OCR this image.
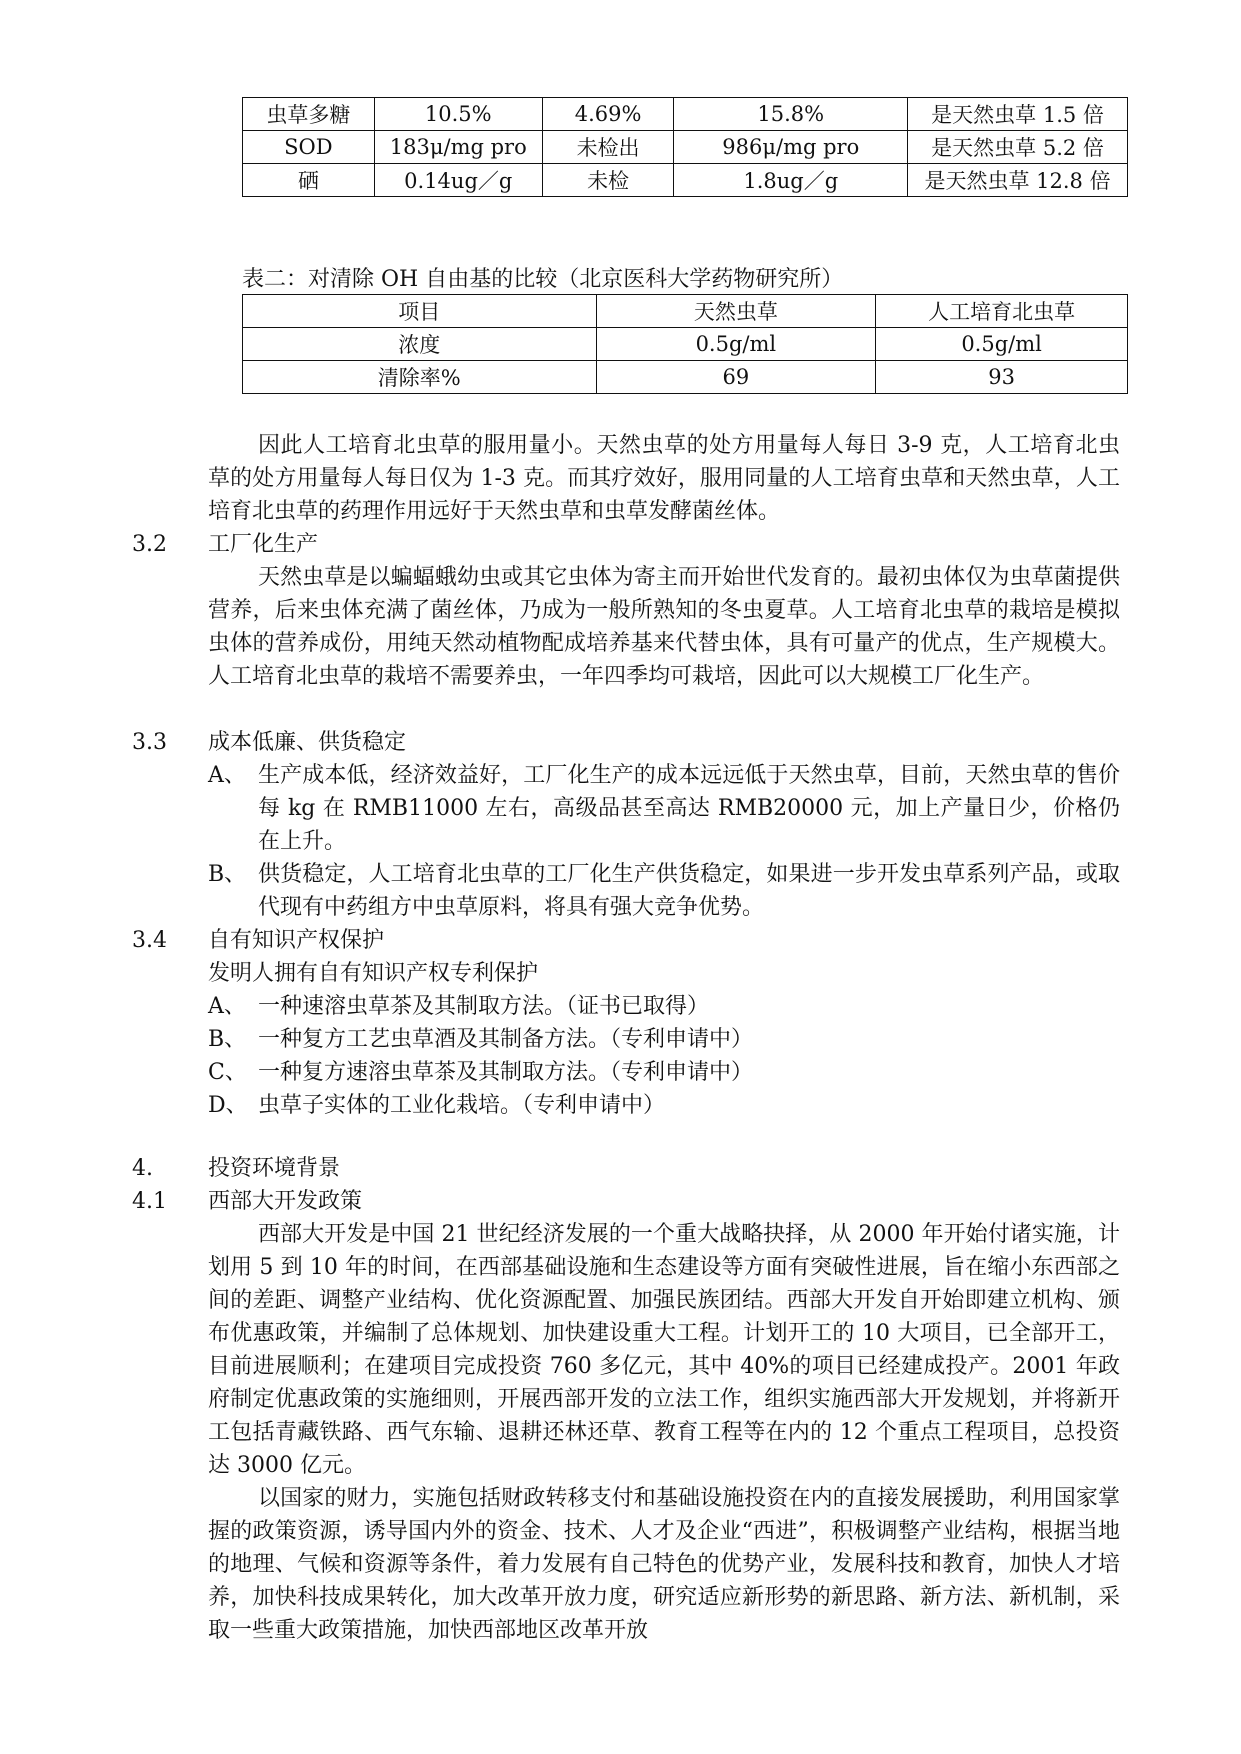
虫草多糖	10.5%	4.69%	15.8%	是天然虫草 1.5 倍
SOD	183μ/mg pro	未检出	986μ/mg pro	是天然虫草 5.2 倍
硒	0.14ug／g	未检	1.8ug／g	是天然虫草 12.8 倍
表二：对清除 OH 自由基的比较（北京医科大学药物研究所）
项目	天然虫草	人工培育北虫草
浓度	0.5g/ml	0.5g/ml
清除率%	69	93
因此人工培育北虫草的服用量小。天然虫草的处方用量每人每日 3-9 克，人工培育北虫草的处方用量每人每日仅为 1-3 克。而其疗效好，服用同量的人工培育虫草和天然虫草，人工培育北虫草的药理作用远好于天然虫草和虫草发酵菌丝体。
3.2 工厂化生产
天然虫草是以蝙蝠蛾幼虫或其它虫体为寄主而开始世代发育的。最初虫体仅为虫草菌提供营养，后来虫体充满了菌丝体，乃成为一般所熟知的冬虫夏草。人工培育北虫草的栽培是模拟虫体的营养成份，用纯天然动植物配成培养基来代替虫体，具有可量产的优点，生产规模大。人工培育北虫草的栽培不需要养虫，一年四季均可栽培，因此可以大规模工厂化生产。
3.3 成本低廉、供货稳定
A、 生产成本低，经济效益好，工厂化生产的成本远远低于天然虫草，目前，天然虫草的售价每 kg 在 RMB11000 左右，高级品甚至高达 RMB20000 元，加上产量日少，价格仍在上升。
B、 供货稳定，人工培育北虫草的工厂化生产供货稳定，如果进一步开发虫草系列产品，或取代现有中药组方中虫草原料，将具有强大竞争优势。
3.4 自有知识产权保护
发明人拥有自有知识产权专利保护
A、 一种速溶虫草茶及其制取方法。（证书已取得）
B、 一种复方工艺虫草酒及其制备方法。（专利申请中）
C、 一种复方速溶虫草茶及其制取方法。（专利申请中）
D、 虫草子实体的工业化栽培。（专利申请中）
4.	投资环境背景
4.1 西部大开发政策
西部大开发是中国 21 世纪经济发展的一个重大战略抉择，从 2000 年开始付诸实施，计划用 5 到 10 年的时间，在西部基础设施和生态建设等方面有突破性进展，旨在缩小东西部之间的差距、调整产业结构、优化资源配置、加强民族团结。西部大开发自开始即建立机构、颁布优惠政策，并编制了总体规划、加快建设重大工程。计划开工的 10 大项目，已全部开工，目前进展顺利；在建项目完成投资 760 多亿元，其中 40%的项目已经建成投产。2001 年政府制定优惠政策的实施细则，开展西部开发的立法工作，组织实施西部大开发规划，并将新开工包括青藏铁路、西气东输、退耕还林还草、教育工程等在内的 12 个重点工程项目，总投资达 3000 亿元。
以国家的财力，实施包括财政转移支付和基础设施投资在内的直接发展援助，利用国家掌握的政策资源，诱导国内外的资金、技术、人才及企业“西进”，积极调整产业结构，根据当地的地理、气候和资源等条件，着力发展有自己特色的优势产业，发展科技和教育，加快人才培养，加快科技成果转化，加大改革开放力度，研究适应新形势的新思路、新方法、新机制，采取一些重大政策措施，加快西部地区改革开放
